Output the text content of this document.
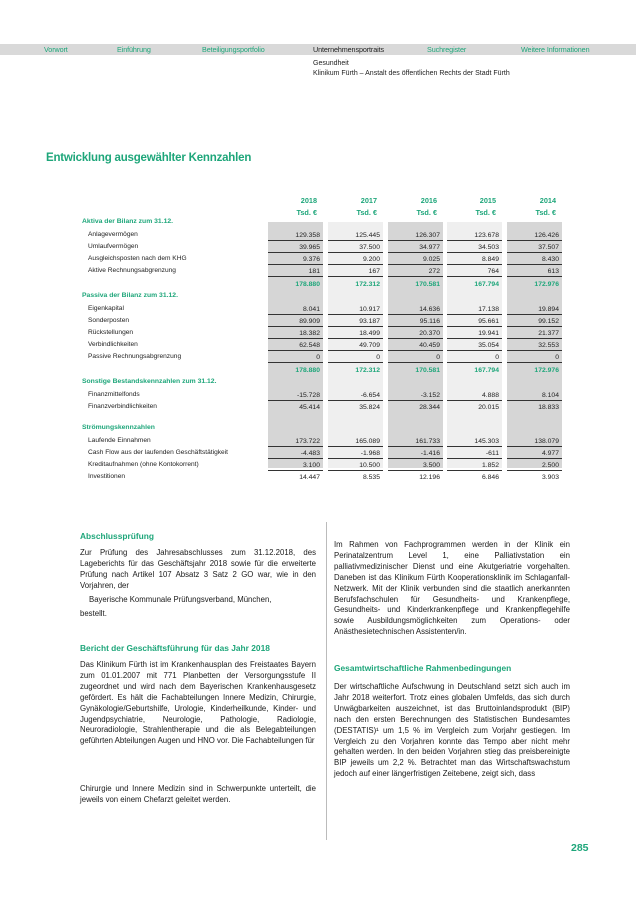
Vorwort	Einführung	Beteiligungsportfolio	Unternehmensportraits	Suchregister	Weitere Informationen
Gesundheit
Klinikum Fürth – Anstalt des öffentlichen Rechts der Stadt Fürth
Entwicklung ausgewählter Kennzahlen
2018	2017	2016	2015	2014
Tsd. €	Tsd. €	Tsd. €	Tsd. €	Tsd. €
Aktiva der Bilanz zum 31.12.
Anlagevermögen	129.358	125.445	126.307	123.678	126.426
Umlaufvermögen	39.965	37.500	34.977	34.503	37.507
Ausgleichsposten nach dem KHG	9.376	9.200	9.025	8.849	8.430
Aktive Rechnungsabgrenzung	181	167	272	764	613
178.880	172.312	170.581	167.794	172.976
Passiva der Bilanz zum 31.12.
Eigenkapital	8.041	10.917	14.636	17.138	19.894
Sonderposten	89.909	93.187	95.116	95.661	99.152
Rückstellungen	18.382	18.499	20.370	19.941	21.377
Verbindlichkeiten	62.548	49.709	40.459	35.054	32.553
Passive Rechnungsabgrenzung	0	0	0	0	0
178.880	172.312	170.581	167.794	172.976
Sonstige Bestandskennzahlen zum 31.12.
Finanzmittelfonds	-15.728	-6.654	-3.152	4.888	8.104
Finanzverbindlichkeiten	45.414	35.824	28.344	20.015	18.833
Strömungskennzahlen
Laufende Einnahmen	173.722	165.089	161.733	145.303	138.079
Cash Flow aus der laufenden Geschäftstätigkeit	-4.483	-1.968	-1.416	-611	4.977
Kreditaufnahmen (ohne Kontokorrent)	3.100	10.500	3.500	1.852	2.500
Investitionen	14.447	8.535	12.196	6.846	3.903
Abschlussprüfung

Zur Prüfung des Jahresabschlusses zum 31.12.2018, des Lageberichts für das Geschäftsjahr 2018 sowie für die erweiterte Prüfung nach Artikel 107 Absatz 3 Satz 2 GO war, wie in den Vorjahren, der

Bayerische Kommunale Prüfungsverband, München,

bestellt.

Bericht der Geschäftsführung für das Jahr 2018
Das Klinikum Fürth ist im Krankenhausplan des Freistaates Bayern zum 01.01.2007 mit 771 Planbetten der Versorgungsstufe II zugeordnet und wird nach dem Bayerischen Krankenhausgesetz gefördert. Es hält die Fachabteilungen Innere Medizin, Chirurgie, Gynäkologie/Geburtshilfe, Urologie, Kinderheilkunde, Kinder- und Jugendpsychiatrie, Neurologie, Pathologie, Radiologie, Neuroradiologie, Strahlentherapie und die als Belegabteilungen geführten Abteilungen Augen und HNO vor. Die Fachabteilungen für
Chirurgie und Innere Medizin sind in Schwerpunkte unterteilt, die jeweils von einem Chefarzt geleitet werden.
Im Rahmen von Fachprogrammen werden in der Klinik ein Perinatalzentrum Level 1, eine Palliativstation ein palliativmedizinischer Dienst und eine Akutgeriatrie vorgehalten. Daneben ist das Klinikum Fürth Kooperationsklinik im Schlaganfall-Netzwerk. Mit der Klinik verbunden sind die staatlich anerkannten Berufsfachschulen für Gesundheits- und Krankenpflege, Gesundheits- und Kinderkrankenpflege und Krankenpflegehilfe sowie Ausbildungsmöglichkeiten zum Operations- oder Anästhesietechnischen Assistenten/in.
Gesamtwirtschaftliche Rahmenbedingungen
Der wirtschaftliche Aufschwung in Deutschland setzt sich auch im Jahr 2018 weiterfort. Trotz eines globalen Umfelds, das sich durch Unwägbarkeiten auszeichnet, ist das Bruttoinlandsprodukt (BIP) nach den ersten Berechnungen des Statistischen Bundesamtes (DESTATIS)¹ um 1,5 % im Vergleich zum Vorjahr gestiegen. Im Vergleich zu den Vorjahren konnte das Tempo aber nicht mehr gehalten werden. In den beiden Vorjahren stieg das preisbereinigte BIP jeweils um 2,2 %. Betrachtet man das Wirtschaftswachstum jedoch auf einer längerfristigen Zeitebene, zeigt sich, dass
285
